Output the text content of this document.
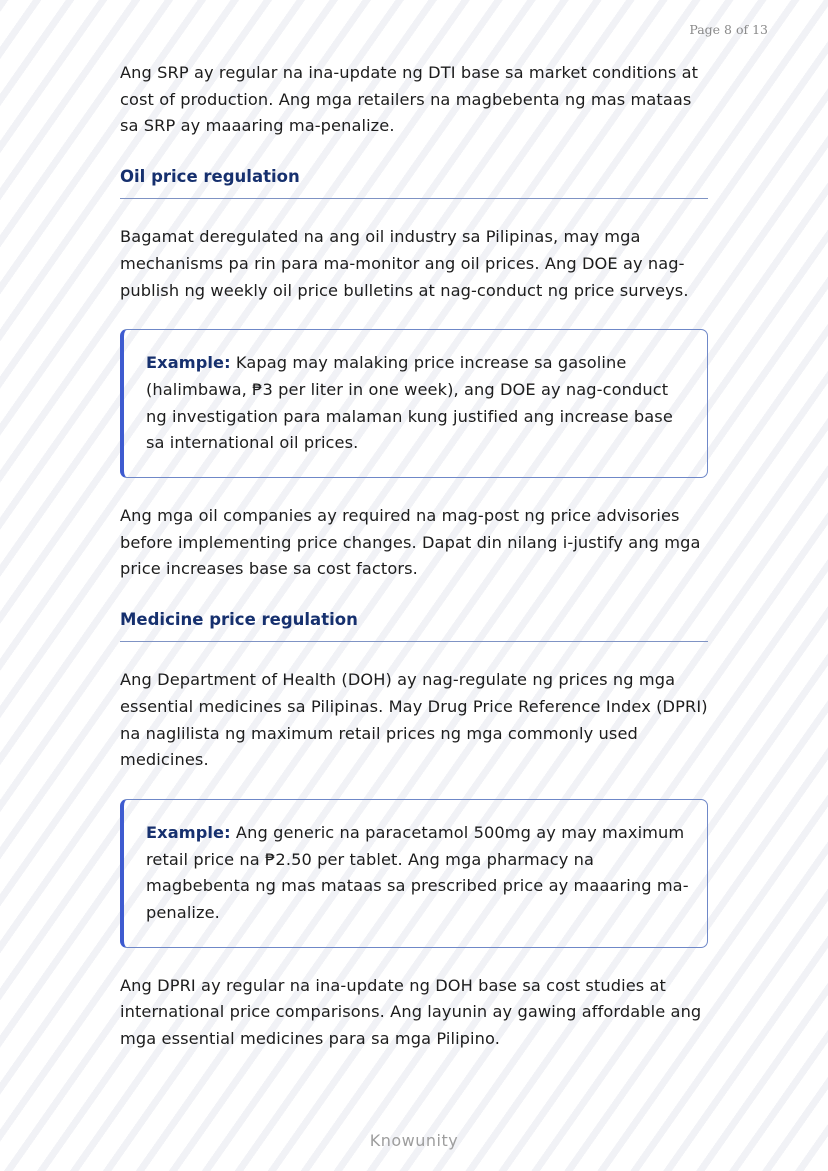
Page 8 of 13

Ang SRP ay regular na ina-update ng DTI base sa market conditions at cost of production. Ang mga retailers na magbebenta ng mas mataas sa SRP ay maaaring ma-penalize.

Oil price regulation

Bagamat deregulated na ang oil industry sa Pilipinas, may mga mechanisms pa rin para ma-monitor ang oil prices. Ang DOE ay nag-publish ng weekly oil price bulletins at nag-conduct ng price surveys.

Example: Kapag may malaking price increase sa gasoline (halimbawa, ₱3 per liter in one week), ang DOE ay nag-conduct ng investigation para malaman kung justified ang increase base sa international oil prices.

Ang mga oil companies ay required na mag-post ng price advisories before implementing price changes. Dapat din nilang i-justify ang mga price increases base sa cost factors.

Medicine price regulation

Ang Department of Health (DOH) ay nag-regulate ng prices ng mga essential medicines sa Pilipinas. May Drug Price Reference Index (DPRI) na naglilista ng maximum retail prices ng mga commonly used medicines.

Example: Ang generic na paracetamol 500mg ay may maximum retail price na ₱2.50 per tablet. Ang mga pharmacy na magbebenta ng mas mataas sa prescribed price ay maaaring ma-penalize.

Ang DPRI ay regular na ina-update ng DOH base sa cost studies at international price comparisons. Ang layunin ay gawing affordable ang mga essential medicines para sa mga Pilipino.

Knowunity
